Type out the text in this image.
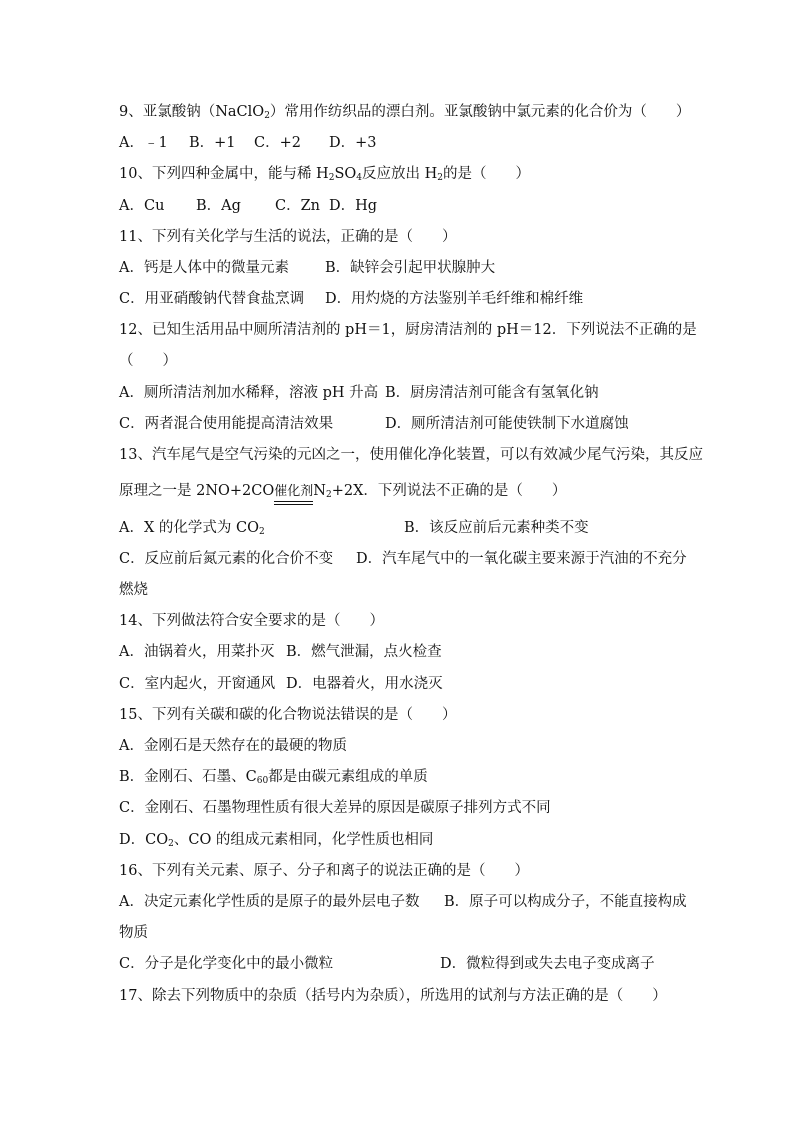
9、亚氯酸钠（NaClO$_2$）常用作纺织品的漂白剂。亚氯酸钠中氯元素的化合价为（　　）
A．﹣1 B．+1 C．+2 D．+3
10、下列四种金属中，能与稀 $H_2SO_4$反应放出 $H_2$的是（　　）
A．Cu B．Ag C．Zn D．Hg
11、下列有关化学与生活的说法，正确的是（　　）
A．钙是人体中的微量元素 B．缺锌会引起甲状腺肿大
C．用亚硝酸钠代替食盐烹调 D．用灼烧的方法鉴别羊毛纤维和棉纤维
12、已知生活用品中厕所清洁剂的 pH＝1，厨房清洁剂的 pH＝12．下列说法不正确的是
（　　）
A．厕所清洁剂加水稀释，溶液 pH 升高 B．厨房清洁剂可能含有氢氧化钠
C．两者混合使用能提高清洁效果	D．厕所清洁剂可能使铁制下水道腐蚀
13、汽车尾气是空气污染的元凶之一，使用催化净化装置，可以有效减少尾气污染，其反应
原理之一是 2NO+2CO催化剂$N_2+2X$．下列说法不正确的是（　　）
A．X 的化学式为 $CO_2$	B．该反应前后元素种类不变
C．反应前后氮元素的化合价不变 D．汽车尾气中的一氧化碳主要来源于汽油的不充分
燃烧
14、下列做法符合安全要求的是（　　）
A．油锅着火，用菜扑灭 B．燃气泄漏，点火检查
C．室内起火，开窗通风 D．电器着火，用水浇灭
15、下列有关碳和碳的化合物说法错误的是（　　）
A．金刚石是天然存在的最硬的物质
B．金刚石、石墨、$C_{60}$都是由碳元素组成的单质
C．金刚石、石墨物理性质有很大差异的原因是碳原子排列方式不同
D．$CO_2$、CO 的组成元素相同，化学性质也相同
16、下列有关元素、原子、分子和离子的说法正确的是（　　）
A．决定元素化学性质的是原子的最外层电子数 B．原子可以构成分子，不能直接构成
物质
C．分子是化学变化中的最小微粒	D．微粒得到或失去电子变成离子
17、除去下列物质中的杂质（括号内为杂质），所选用的试剂与方法正确的是（　　）
